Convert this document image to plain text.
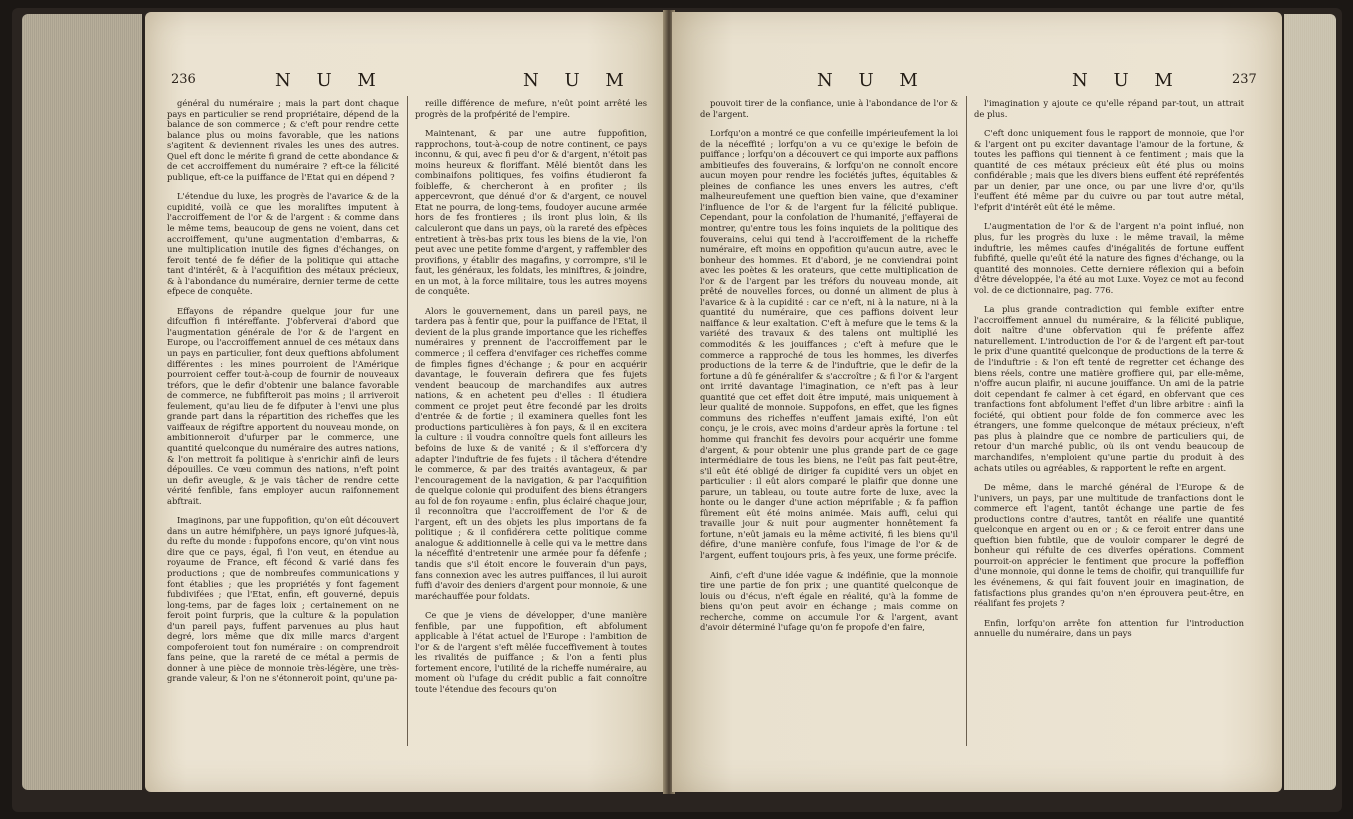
236	N U M	N U M

général du numéraire ; mais la part dont chaque pays en particulier se rend propriétaire, dépend de la balance de son commerce ; & c'eft pour rendre cette balance plus ou moins favorable, que les nations s'agitent & deviennent rivales les unes des autres. Quel eft donc le mérite fi grand de cette abondance & de cet accroiffement du numéraire ? eft-ce la félicité publique, eft-ce la puiffance de l'Etat qui en dépend ?

L'étendue du luxe, les progrès de l'avarice & de la cupidité, voilà ce que les moraliftes imputent à l'accroiffement de l'or & de l'argent : & comme dans le même tems, beaucoup de gens ne voient, dans cet accroiffement, qu'une augmentation d'embarras, & une multiplication inutile des fignes d'échanges, on feroit tenté de fe défier de la politique qui attache tant d'intérêt, & à l'acquifition des métaux précieux, & à l'abondance du numéraire, dernier terme de cette efpece de conquête.

Effayons de répandre quelque jour fur une difcuffion fi intéreffante. J'obferverai d'abord que l'augmentation générale de l'or & de l'argent en Europe, ou l'accroiffement annuel de ces métaux dans un pays en particulier, font deux queftions abfolument différentes : les mines pourroient de l'Amérique pourroient ceffer tout-à-coup de fournir de nouveaux tréfors, que le defir d'obtenir une balance favorable de commerce, ne fubfifteroit pas moins ; il arriveroit feulement, qu'au lieu de fe difputer à l'envi une plus grande part dans la répartition des richeffes que les vaiffeaux de régiftre apportent du nouveau monde, on ambitionneroit d'ufurper par le commerce, une quantité quelconque du numéraire des autres nations, & l'on mettroit fa politique à s'enrichir ainfi de leurs dépouilles. Ce vœu commun des nations, n'eft point un defir aveugle, & je vais tâcher de rendre cette vérité fenfible, fans employer aucun raifonnement abftrait.

Imaginons, par une fuppofition, qu'on eût découvert dans un autre hémifphère, un pays ignoré jufques-là, du refte du monde : fuppofons encore, qu'on vint nous dire que ce pays, égal, fi l'on veut, en étendue au royaume de France, eft fécond & varié dans fes productions ; que de nombreufes communications y font établies ; que les propriétés y font fagement fubdivifées ; que l'Etat, enfin, eft gouverné, depuis long-tems, par de fages loix ; certainement on ne feroit point furpris, que la culture & la population d'un pareil pays, fuffent parvenues au plus haut degré, lors même que dix mille marcs d'argent compoferoient tout fon numéraire : on comprendroit fans peine, que la rareté de ce métal a permis de donner à une pièce de monnoie très-légère, une très-grande valeur, & l'on ne s'étonneroit point, qu'une pa-

reille différence de mefure, n'eût point arrêté les progrès de la profpérité de l'empire.

Maintenant, & par une autre fuppofition, rapprochons, tout-à-coup de notre continent, ce pays inconnu, & qui, avec fi peu d'or & d'argent, n'étoit pas moins heureux & floriffant. Mêlé bientôt dans les combinaifons politiques, fes voifins étudieront fa foibleffe, & chercheront à en profiter ; ils appercevront, que dénué d'or & d'argent, ce nouvel Etat ne pourra, de long-tems, foudoyer aucune armée hors de fes frontieres ; ils iront plus loin, & ils calculeront que dans un pays, où la rareté des efpèces entretient à très-bas prix tous les biens de la vie, l'on peut avec une petite fomme d'argent, y raffembler des provifions, y établir des magafins, y corrompre, s'il le faut, les généraux, les foldats, les miniftres, & joindre, en un mot, à la force militaire, tous les autres moyens de conquête.

Alors le gouvernement, dans un pareil pays, ne tardera pas à fentir que, pour la puiffance de l'Etat, il devient de la plus grande importance que les richeffes numéraires y prennent de l'accroiffement par le commerce ; il ceffera d'envifager ces richeffes comme de fimples fignes d'échange ; & pour en acquérir davantage, le fouverain defirera que fes fujets vendent beaucoup de marchandifes aux autres nations, & en achetent peu d'elles : Il étudiera comment ce projet peut être fecondé par les droits d'entrée & de fortie ; il examinera quelles font les productions particulières à fon pays, & il en excitera la culture : il voudra connoître quels font ailleurs les befoins de luxe & de vanité ; & il s'efforcera d'y adapter l'induftrie de fes fujets : il tâchera d'étendre le commerce, & par des traités avantageux, & par l'encouragement de la navigation, & par l'acquifition de quelque colonie qui produifent des biens étrangers au fol de fon royaume : enfin, plus éclairé chaque jour, il reconnoîtra que l'accroiffement de l'or & de l'argent, eft un des objets les plus importans de fa politique ; & il confidérera cette politique comme analogue & additionnelle à celle qui va le mettre dans la néceffité d'entretenir une armée pour fa défenfe ; tandis que s'il étoit encore le fouverain d'un pays, fans connexion avec les autres puiffances, il lui auroit fuffi d'avoir des deniers d'argent pour monnoie, & une maréchauffée pour foldats.

Ce que je viens de développer, d'une manière fenfible, par une fuppofition, eft abfolument applicable à l'état actuel de l'Europe : l'ambition de l'or & de l'argent s'eft mêlée fucceffivement à toutes les rivalités de puiffance ; & l'on a fenti plus fortement encore, l'utilité de la richeffe numéraire, au moment où l'ufage du crédit public a fait connoître toute l'étendue des fecours qu'on

N U M	N U M	237

pouvoit tirer de la confiance, unie à l'abondance de l'or & de l'argent.

Lorfqu'on a montré ce que confeille impérieufement la loi de la néceffité ; lorfqu'on a vu ce qu'exige le befoin de puiffance ; lorfqu'on a découvert ce qui importe aux paffions ambitieufes des fouverains, & lorfqu'on ne connoît encore aucun moyen pour rendre les fociétés juftes, équitables & pleines de confiance les unes envers les autres, c'eft malheureufement une queftion bien vaine, que d'examiner l'influence de l'or & de l'argent fur la félicité publique. Cependant, pour la confolation de l'humanité, j'effayerai de montrer, qu'entre tous les foins inquiets de la politique des fouverains, celui qui tend à l'accroiffement de la richeffe numéraire, eft moins en oppofition qu'aucun autre, avec le bonheur des hommes. Et d'abord, je ne conviendrai point avec les poètes & les orateurs, que cette multiplication de l'or & de l'argent par les tréfors du nouveau monde, ait prêté de nouvelles forces, ou donné un aliment de plus à l'avarice & à la cupidité : car ce n'eft, ni à la nature, ni à la quantité du numéraire, que ces paffions doivent leur naiffance & leur exaltation. C'eft à mefure que le tems & la variété des travaux & des talens ont multiplié les commodités & les jouiffances ; c'eft à mefure que le commerce a rapproché de tous les hommes, les diverfes productions de la terre & de l'induftrie, que le defir de la fortune a dû fe généralifer & s'accroître ; & fi l'or & l'argent ont irrité davantage l'imagination, ce n'eft pas à leur quantité que cet effet doit être imputé, mais uniquement à leur qualité de monnoie. Suppofons, en effet, que les fignes communs des richeffes n'euffent jamais exifté, l'on eût conçu, je le crois, avec moins d'ardeur après la fortune : tel homme qui franchit fes devoirs pour acquérir une fomme d'argent, & pour obtenir une plus grande part de ce gage intermédiaire de tous les biens, ne l'eût pas fait peut-être, s'il eût été obligé de diriger fa cupidité vers un objet en particulier : il eût alors comparé le plaifir que donne une parure, un tableau, ou toute autre forte de luxe, avec la honte ou le danger d'une action méprifable ; & fa paffion fûrement eût été moins animée. Mais auffi, celui qui travaille jour & nuit pour augmenter honnêtement fa fortune, n'eût jamais eu la même activité, fi les biens qu'il défire, d'une manière confufe, fous l'image de l'or & de l'argent, euffent toujours pris, à fes yeux, une forme précife.

Ainfi, c'eft d'une idée vague & indéfinie, que la monnoie tire une partie de fon prix ; une quantité quelconque de louis ou d'écus, n'eft égale en réalité, qu'à la fomme de biens qu'on peut avoir en échange ; mais comme on recherche, comme on accumule l'or & l'argent, avant d'avoir déterminé l'ufage qu'on fe propofe d'en faire,

l'imagination y ajoute ce qu'elle répand par-tout, un attrait de plus.

C'eft donc uniquement fous le rapport de monnoie, que l'or & l'argent ont pu exciter davantage l'amour de la fortune, & toutes les paffions qui tiennent à ce fentiment ; mais que la quantité de ces métaux précieux eût été plus ou moins confidérable ; mais que les divers biens euffent été repréfentés par un denier, par une once, ou par une livre d'or, qu'ils l'euffent été même par du cuivre ou par tout autre métal, l'efprit d'intérêt eût été le même.

L'augmentation de l'or & de l'argent n'a point influé, non plus, fur les progrès du luxe : le même travail, la même induftrie, les mêmes caufes d'inégalités de fortune euffent fubfifté, quelle qu'eût été la nature des fignes d'échange, ou la quantité des monnoies. Cette derniere réflexion qui a befoin d'être développée, l'a été au mot Luxe. Voyez ce mot au fecond vol. de ce dictionnaire, pag. 776.

La plus grande contradiction qui femble exifter entre l'accroiffement annuel du numéraire, & la félicité publique, doit naître d'une obfervation qui fe préfente affez naturellement. L'introduction de l'or & de l'argent eft par-tout le prix d'une quantité quelconque de productions de la terre & de l'induftrie : & l'on eft tenté de regretter cet échange des biens réels, contre une matière groffiere qui, par elle-même, n'offre aucun plaifir, ni aucune jouiffance. Un ami de la patrie doit cependant fe calmer à cet égard, en obfervant que ces tranfactions font abfolument l'effet d'un libre arbitre : ainfi la fociété, qui obtient pour folde de fon commerce avec les étrangers, une fomme quelconque de métaux précieux, n'eft pas plus à plaindre que ce nombre de particuliers qui, de retour d'un marché public, où ils ont vendu beaucoup de marchandifes, n'emploient qu'une partie du produit à des achats utiles ou agréables, & rapportent le refte en argent.

De même, dans le marché général de l'Europe & de l'univers, un pays, par une multitude de tranfactions dont le commerce eft l'agent, tantôt échange une partie de fes productions contre d'autres, tantôt en réalife une quantité quelconque en argent ou en or ; & ce feroit entrer dans une queftion bien fubtile, que de vouloir comparer le degré de bonheur qui réfulte de ces diverfes opérations. Comment pourroit-on apprécier le fentiment que procure la poffeffion d'une monnoie, qui donne le tems de choifir, qui tranquillife fur les événemens, & qui fait fouvent jouir en imagination, de fatisfactions plus grandes qu'on n'en éprouvera peut-être, en réalifant fes projets ?

Enfin, lorfqu'on arrête fon attention fur l'introduction annuelle du numéraire, dans un pays
